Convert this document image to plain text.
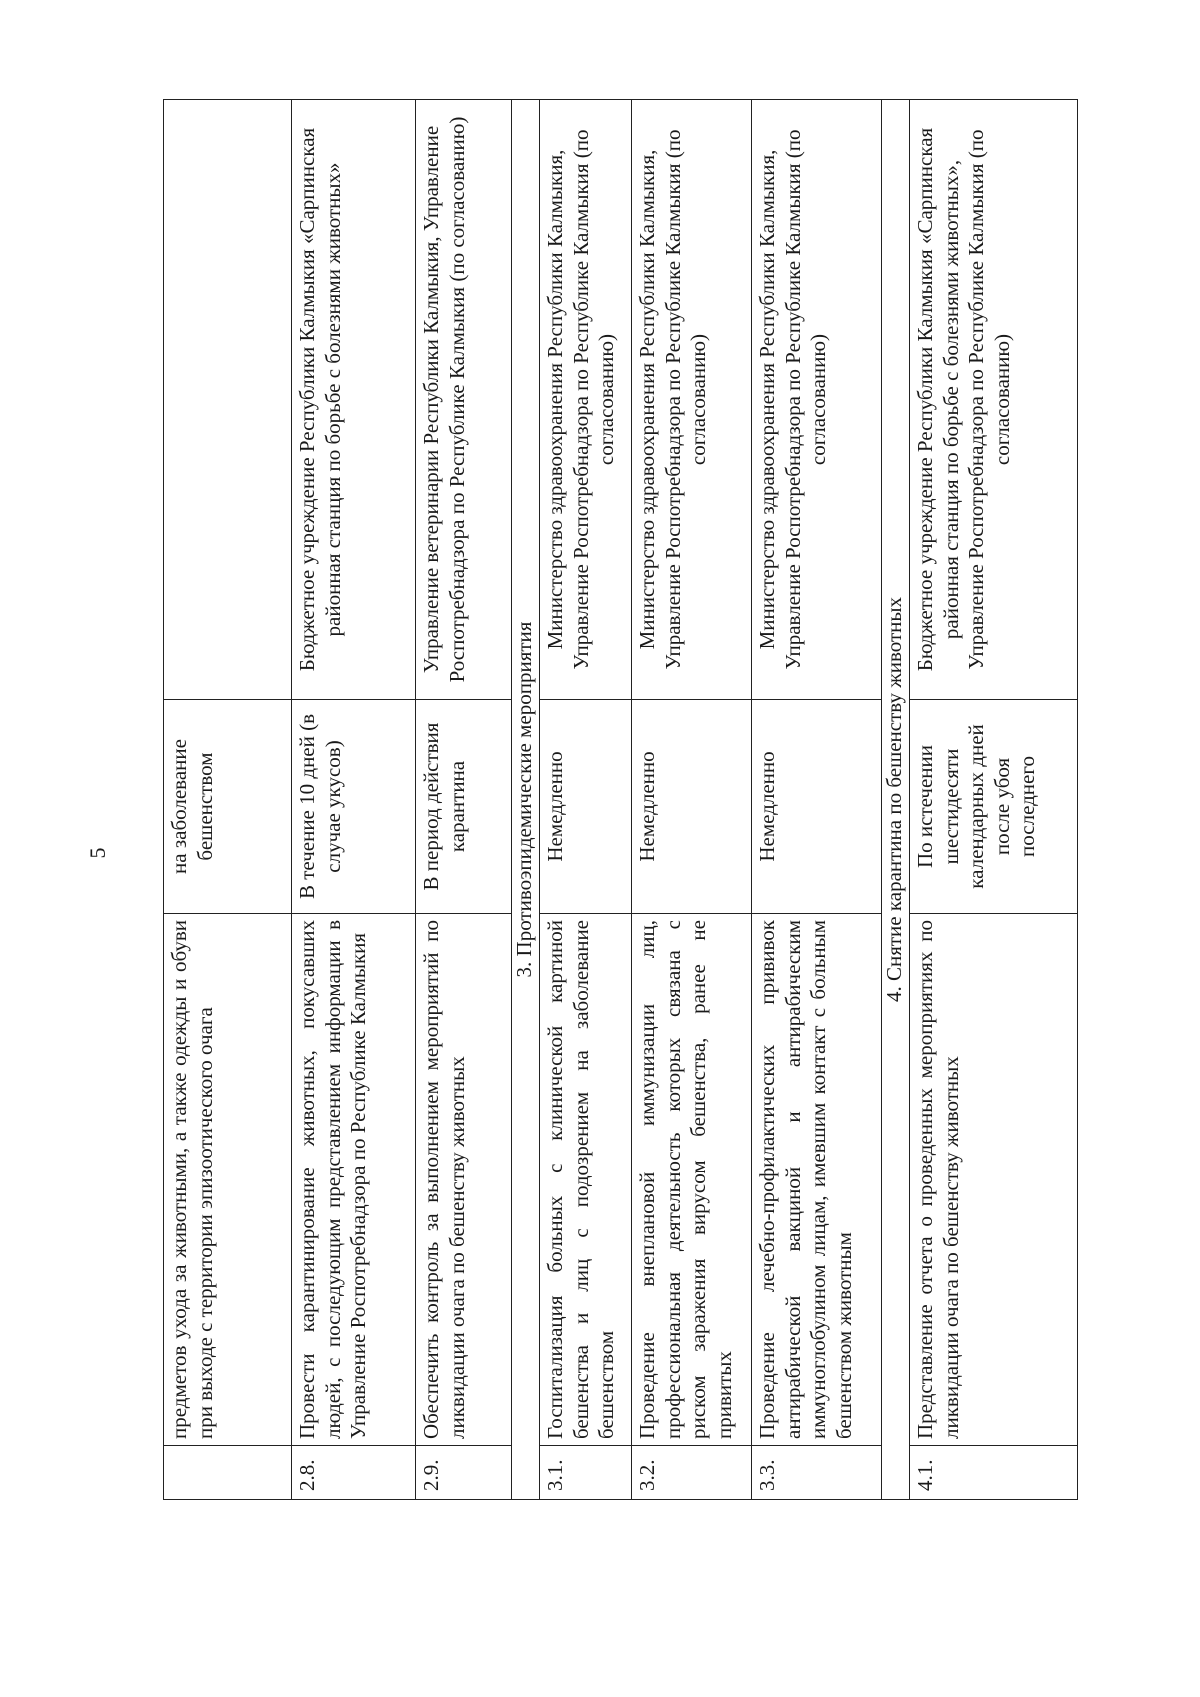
5
	предметов ухода за животными, а также одежды и обуви при выходе с территории эпизоотического очага	на заболевание бешенством	
2.8.	Провести карантинирование животных, покусавших людей, с последующим представлением информации в Управление Роспотребнадзора по Республике Калмыкия	В течение 10 дней (в случае укусов)	Бюджетное учреждение Республики Калмыкия «Сарпинская районная станция по борьбе с болезнями животных»
2.9.	Обеспечить контроль за выполнением мероприятий по ликвидации очага по бешенству животных	В период действия карантина	Управление ветеринарии Республики Калмыкия, Управление Роспотребнадзора по Республике Калмыкия (по согласованию)
3. Противоэпидемические мероприятия			
3.1.	Госпитализация больных с клинической картиной бешенства и лиц с подозрением на заболевание бешенством	Немедленно	Министерство здравоохранения Республики Калмыкия, Управление Роспотребнадзора по Республике Калмыкия (по согласованию)
3.2.	Проведение внеплановой иммунизации лиц, профессиональная деятельность которых связана с риском заражения вирусом бешенства, ранее не привитых	Немедленно	Министерство здравоохранения Республики Калмыкия, Управление Роспотребнадзора по Республике Калмыкия (по согласованию)
3.3.	Проведение лечебно-профилактических прививок антирабической вакциной и антирабическим иммуноглобулином лицам, имевшим контакт с больным бешенством животным	Немедленно	Министерство здравоохранения Республики Калмыкия, Управление Роспотребнадзора по Республике Калмыкия (по согласованию)
4. Снятие карантина по бешенству животных			
4.1.	Представление отчета о проведенных мероприятиях по ликвидации очага по бешенству животных	По истечении шестидесяти календарных дней после убоя последнего	Бюджетное учреждение Республики Калмыкия «Сарпинская районная станция по борьбе с болезнями животных», Управление Роспотребнадзора по Республике Калмыкия (по согласованию)
